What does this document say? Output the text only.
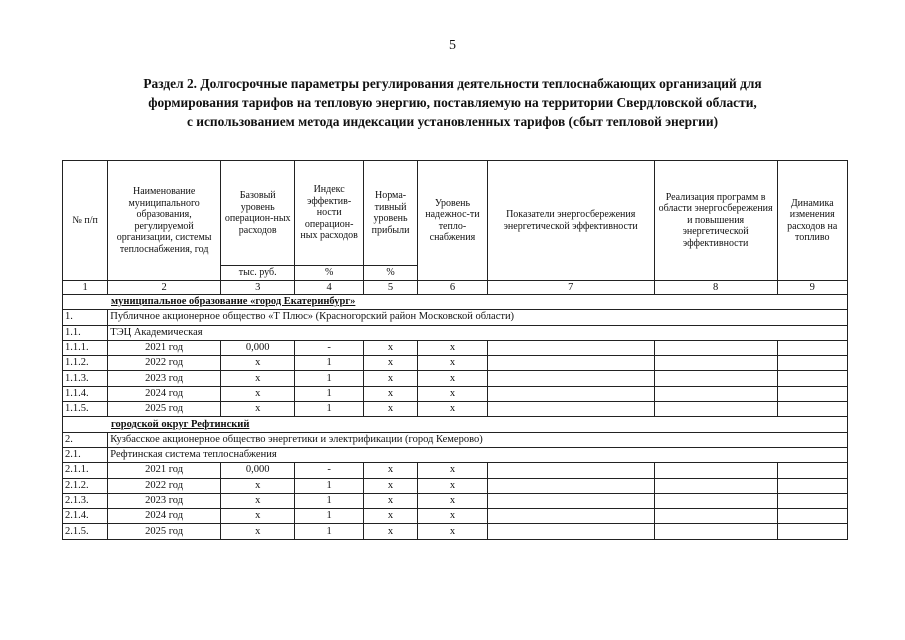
5
Раздел 2. Долгосрочные параметры регулирования деятельности теплоснабжающих организаций для
формирования тарифов на тепловую энергию, поставляемую на территории Свердловской области,
с использованием метода индексации установленных тарифов (сбыт тепловой энергии)
№ п/п	Наименование муниципального образования, регулируемой организации, системы теплоснабжения, год	Базовый уровень операцион-ных расходов	Индекс эффектив-ности операцион-ных расходов	Норма-тивный уровень прибыли	Уровень надежнос-ти тепло-снабжения	Показатели энергосбережения энергетической эффективности	Реализация программ в области энергосбережения и повышения энергетической эффективности	Динамика изменения расходов на топливо
		тыс. руб.	%	%				
1	2	3	4	5	6	7	8	9
муниципальное образование «город Екатеринбург»								
1.	Публичное акционерное общество «Т Плюс» (Красногорский район Московской области)							
1.1.	ТЭЦ Академическая							
1.1.1.	2021 год	0,000	-	x	x			
1.1.2.	2022 год	x	1	x	x			
1.1.3.	2023 год	x	1	x	x			
1.1.4.	2024 год	x	1	x	x			
1.1.5.	2025 год	x	1	x	x			
городской округ Рефтинский								
2.	Кузбасское акционерное общество энергетики и электрификации (город Кемерово)							
2.1.	Рефтинская система теплоснабжения							
2.1.1.	2021 год	0,000	-	x	x			
2.1.2.	2022 год	x	1	x	x			
2.1.3.	2023 год	x	1	x	x			
2.1.4.	2024 год	x	1	x	x			
2.1.5.	2025 год	x	1	x	x			
